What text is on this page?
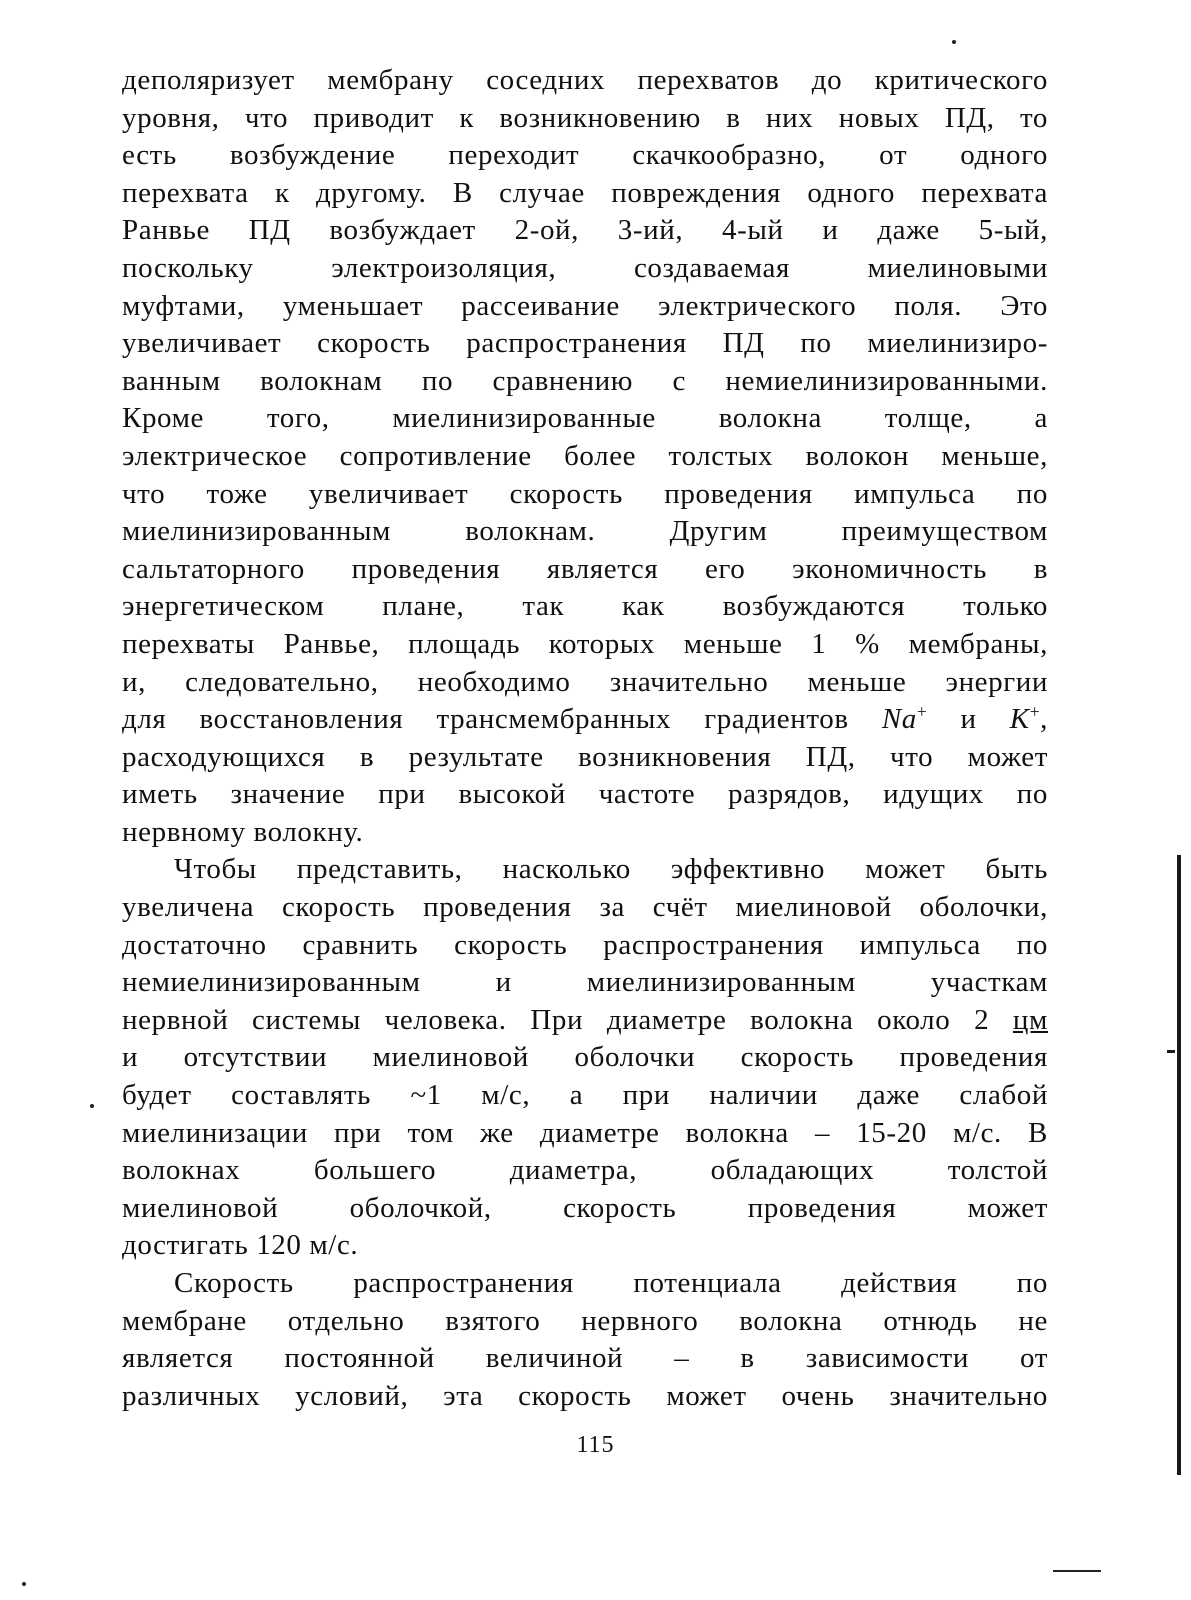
деполяризует мембрану соседних перехватов до критического
уровня, что приводит к возникновению в них новых ПД, то
есть возбуждение переходит скачкообразно, от одного
перехвата к другому. В случае повреждения одного перехвата
Ранвье ПД возбуждает 2-ой, 3-ий, 4-ый и даже 5-ый,
поскольку электроизоляция, создаваемая миелиновыми
муфтами, уменьшает рассеивание электрического поля. Это
увеличивает скорость распространения ПД по миелинизиро-
ванным волокнам по сравнению с немиелинизированными.
Кроме того, миелинизированные волокна толще, а
электрическое сопротивление более толстых волокон меньше,
что тоже увеличивает скорость проведения импульса по
миелинизированным волокнам. Другим преимуществом
сальтаторного проведения является его экономичность в
энергетическом плане, так как возбуждаются только
перехваты Ранвье, площадь которых меньше 1 % мембраны,
и, следовательно, необходимо значительно меньше энергии
для восстановления трансмембранных градиентов Na+ и K+,
расходующихся в результате возникновения ПД, что может
иметь значение при высокой частоте разрядов, идущих по
нервному волокну.
Чтобы представить, насколько эффективно может быть
увеличена скорость проведения за счёт миелиновой оболочки,
достаточно сравнить скорость распространения импульса по
немиелинизированным и миелинизированным участкам
нервной системы человека. При диаметре волокна около 2 цм
и отсутствии миелиновой оболочки скорость проведения
будет составлять ~1 м/с, а при наличии даже слабой
миелинизации при том же диаметре волокна – 15-20 м/с. В
волокнах большего диаметра, обладающих толстой
миелиновой оболочкой, скорость проведения может
достигать 120 м/с.
Скорость распространения потенциала действия по
мембране отдельно взятого нервного волокна отнюдь не
является постоянной величиной – в зависимости от
различных условий, эта скорость может очень значительно
115
